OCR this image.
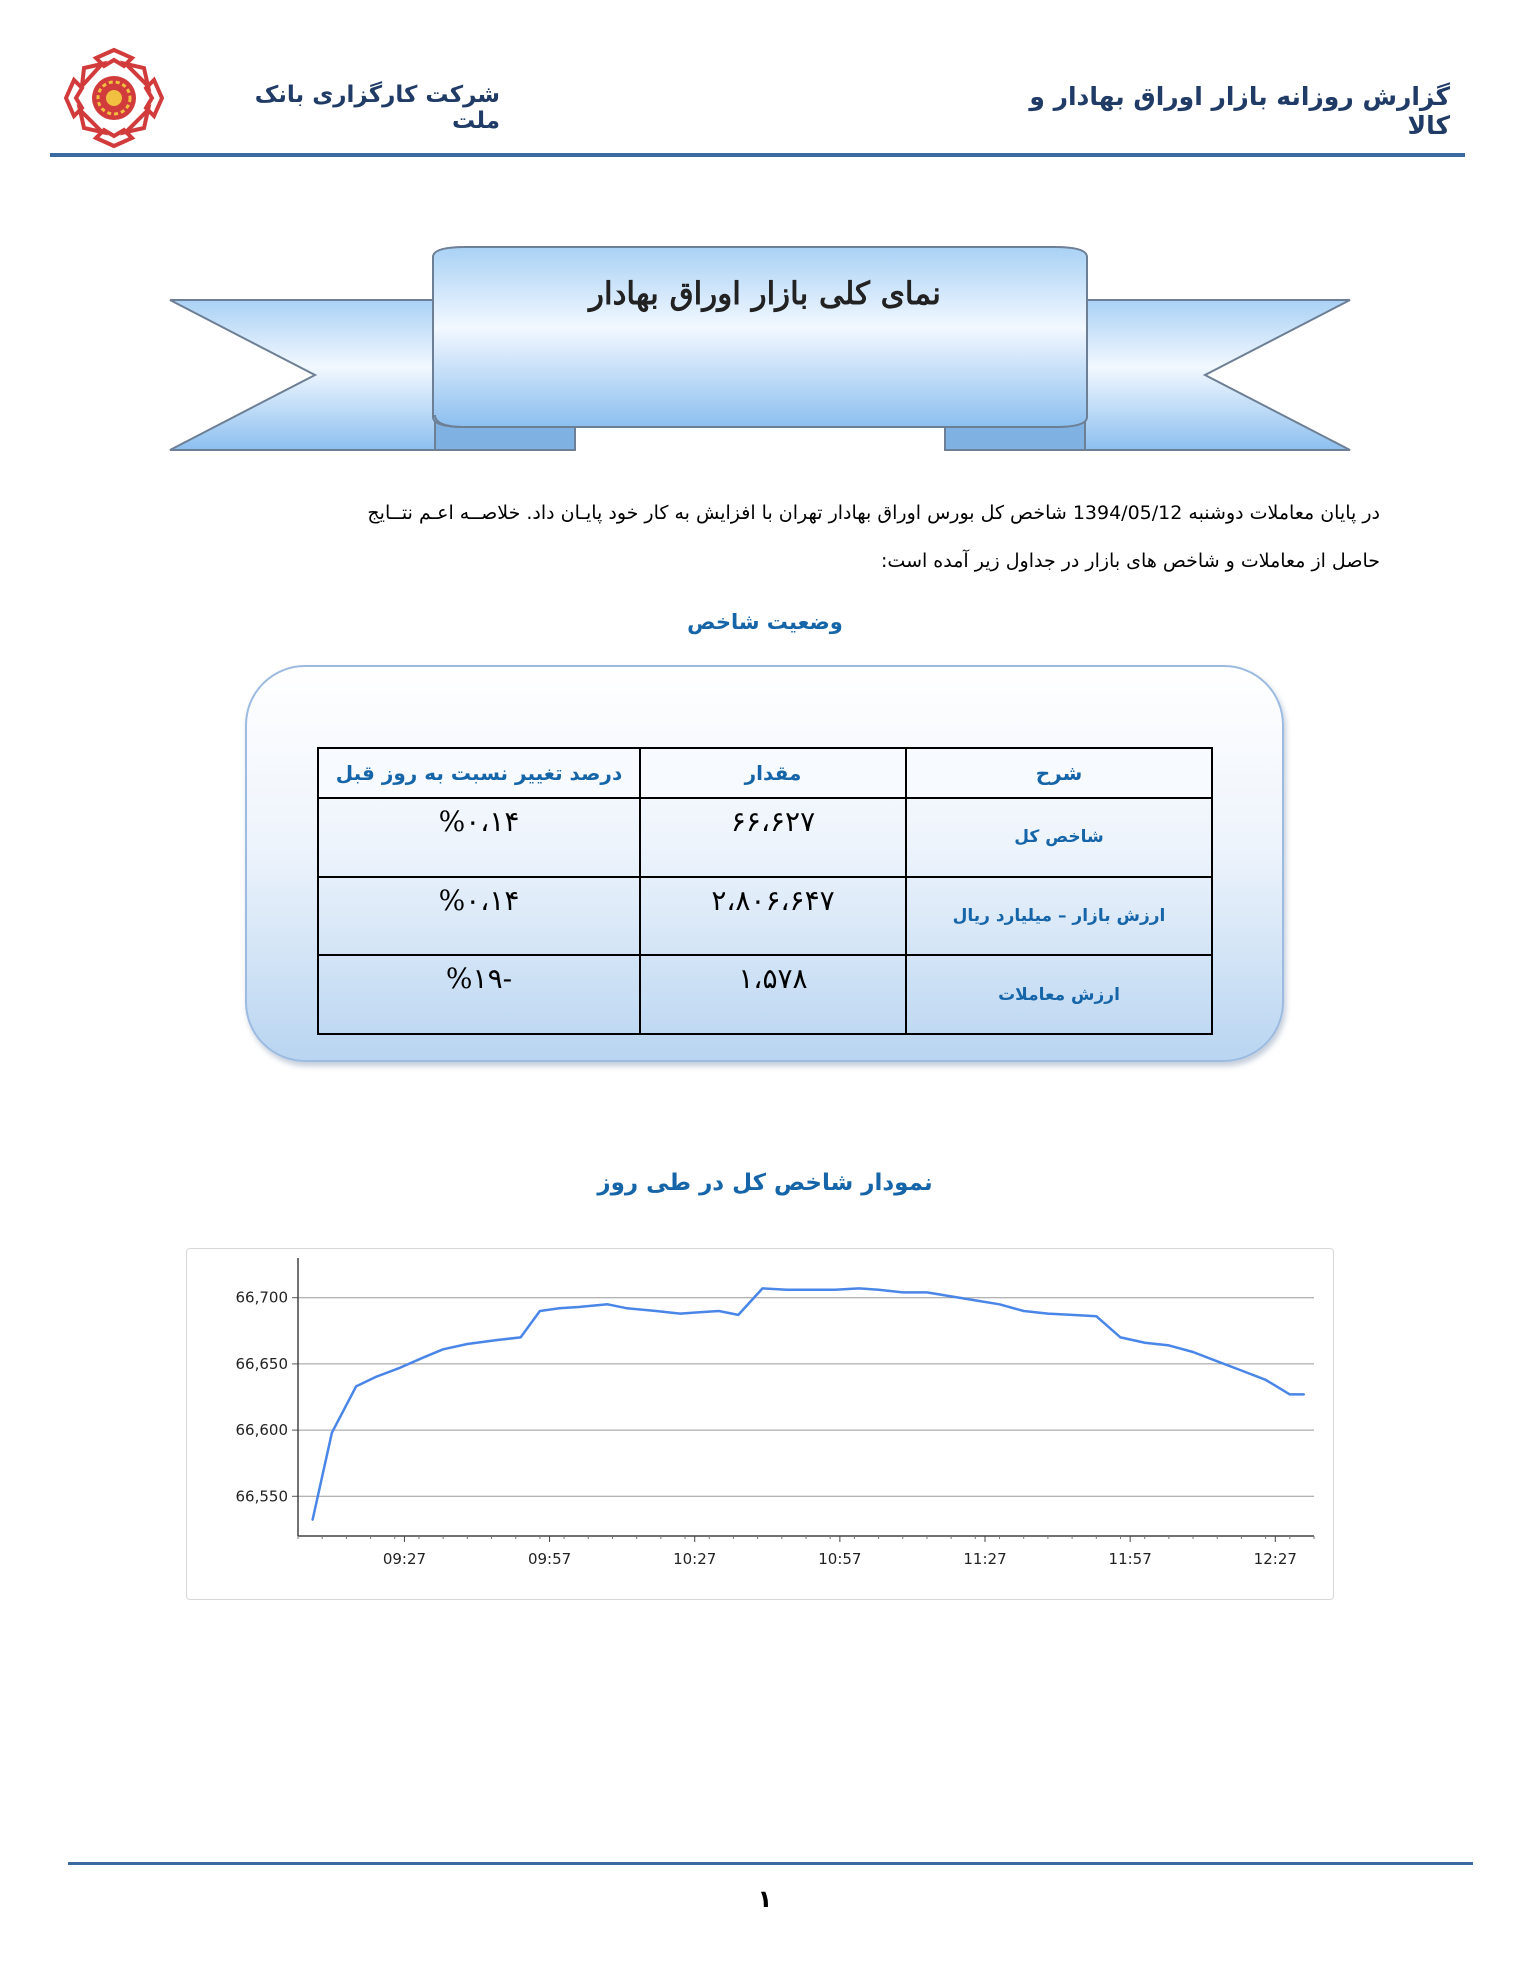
شرکت کارگزاری بانک ملت
گزارش روزانه بازار اوراق بهادار و کالا
نمای کلی بازار اوراق بهادار
در پایان معاملات دوشنبه 1394/05/12 شاخص کل بورس اوراق بهادار تهران با افزایش به کار خود پایـان داد. خلاصــه اعـم نتــایج
حاصل از معاملات و شاخص های بازار در جداول زیر آمده است:
وضعیت شاخص
شرح	مقدار	درصد تغییر نسبت به روز قبل
شاخص کل	۶۶،۶۲۷	%۰،۱۴
ارزش بازار – میلیارد ریال	۲،۸۰۶،۶۴۷	%۰،۱۴
ارزش معاملات	۱،۵۷۸	-%۱۹
نمودار شاخص کل در طی روز
66,550
66,600
66,650
66,700
09:27	09:57	10:27	10:57	11:27	11:57	12:27
۱
